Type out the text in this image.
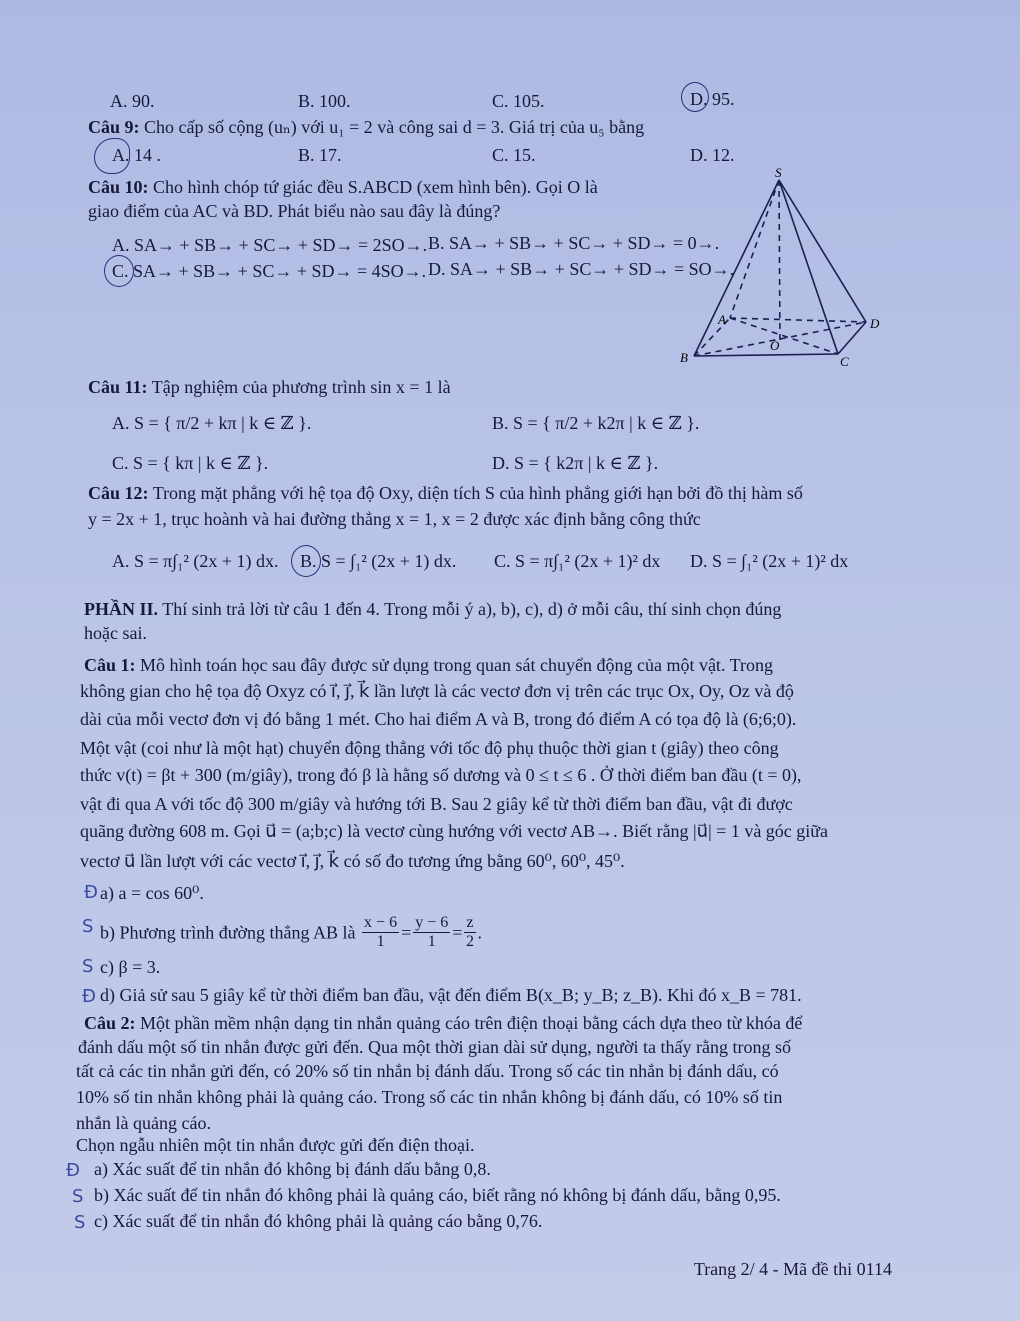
A. 90.	B. 100.	C. 105.	D. 95.
Câu 9: Cho cấp số cộng (uₙ) với u₁ = 2 và công sai d = 3. Giá trị của u₅ bằng
A. 14 .	B. 17.	C. 15.	D. 12.
Câu 10: Cho hình chóp tứ giác đều S.ABCD (xem hình bên). Gọi O là
giao điểm của AC và BD. Phát biểu nào sau đây là đúng?
A. SA→ + SB→ + SC→ + SD→ = 2SO→. B. SA→ + SB→ + SC→ + SD→ = 0→.
C. SA→ + SB→ + SC→ + SD→ = 4SO→. D. SA→ + SB→ + SC→ + SD→ = SO→.
S
A
B	C
D
O
Câu 11: Tập nghiệm của phương trình sin x = 1 là
A. S = { π/2 + kπ | k ∈ ℤ }.	B. S = { π/2 + k2π | k ∈ ℤ }.
C. S = { kπ | k ∈ ℤ }.	D. S = { k2π | k ∈ ℤ }.
Câu 12: Trong mặt phẳng với hệ tọa độ Oxy, diện tích S của hình phẳng giới hạn bởi đồ thị hàm số
y = 2x + 1, trục hoành và hai đường thẳng x = 1, x = 2 được xác định bằng công thức
A. S = π∫₁² (2x + 1) dx. B. S = ∫₁² (2x + 1) dx. C. S = π∫₁² (2x + 1)² dx D. S = ∫₁² (2x + 1)² dx
PHẦN II. Thí sinh trả lời từ câu 1 đến 4. Trong mỗi ý a), b), c), d) ở mỗi câu, thí sinh chọn đúng
hoặc sai.
Câu 1: Mô hình toán học sau đây được sử dụng trong quan sát chuyển động của một vật. Trong
không gian cho hệ tọa độ Oxyz có i⃗, j⃗, k⃗ lần lượt là các vectơ đơn vị trên các trục Ox, Oy, Oz và độ
dài của mỗi vectơ đơn vị đó bằng 1 mét. Cho hai điểm A và B, trong đó điểm A có tọa độ là (6;6;0).
Một vật (coi như là một hạt) chuyển động thẳng với tốc độ phụ thuộc thời gian t (giây) theo công
thức v(t) = βt + 300 (m/giây), trong đó β là hằng số dương và 0 ≤ t ≤ 6 . Ở thời điểm ban đầu (t = 0),
vật đi qua A với tốc độ 300 m/giây và hướng tới B. Sau 2 giây kể từ thời điểm ban đầu, vật đi được
quãng đường 608 m. Gọi u⃗ = (a;b;c) là vectơ cùng hướng với vectơ AB→. Biết rằng |u⃗| = 1 và góc giữa
vectơ u⃗ lần lượt với các vectơ i⃗, j⃗, k⃗ có số đo tương ứng bằng 60⁰, 60⁰, 45⁰.
Đ a) a = cos 60⁰.
S b) Phương trình đường thẳng AB là $\frac{x - 6}{1} = \frac{y - 6}{1} = \frac{z}{2}$ .
S c) β = 3.
Đ d) Giả sử sau 5 giây kể từ thời điểm ban đầu, vật đến điểm B(x_B; y_B; z_B). Khi đó x_B = 781.
Câu 2: Một phần mềm nhận dạng tin nhắn quảng cáo trên điện thoại bằng cách dựa theo từ khóa để
đánh dấu một số tin nhắn được gửi đến. Qua một thời gian dài sử dụng, người ta thấy rằng trong số
tất cả các tin nhắn gửi đến, có 20% số tin nhắn bị đánh dấu. Trong số các tin nhắn bị đánh dấu, có
10% số tin nhắn không phải là quảng cáo. Trong số các tin nhắn không bị đánh dấu, có 10% số tin
nhắn là quảng cáo.
Chọn ngẫu nhiên một tin nhắn được gửi đến điện thoại.
Đ a) Xác suất để tin nhắn đó không bị đánh dấu bằng 0,8.
S b) Xác suất để tin nhắn đó không phải là quảng cáo, biết rằng nó không bị đánh dấu, bằng 0,95.
S c) Xác suất để tin nhắn đó không phải là quảng cáo bằng 0,76.
Trang 2/ 4 - Mã đề thi 0114
